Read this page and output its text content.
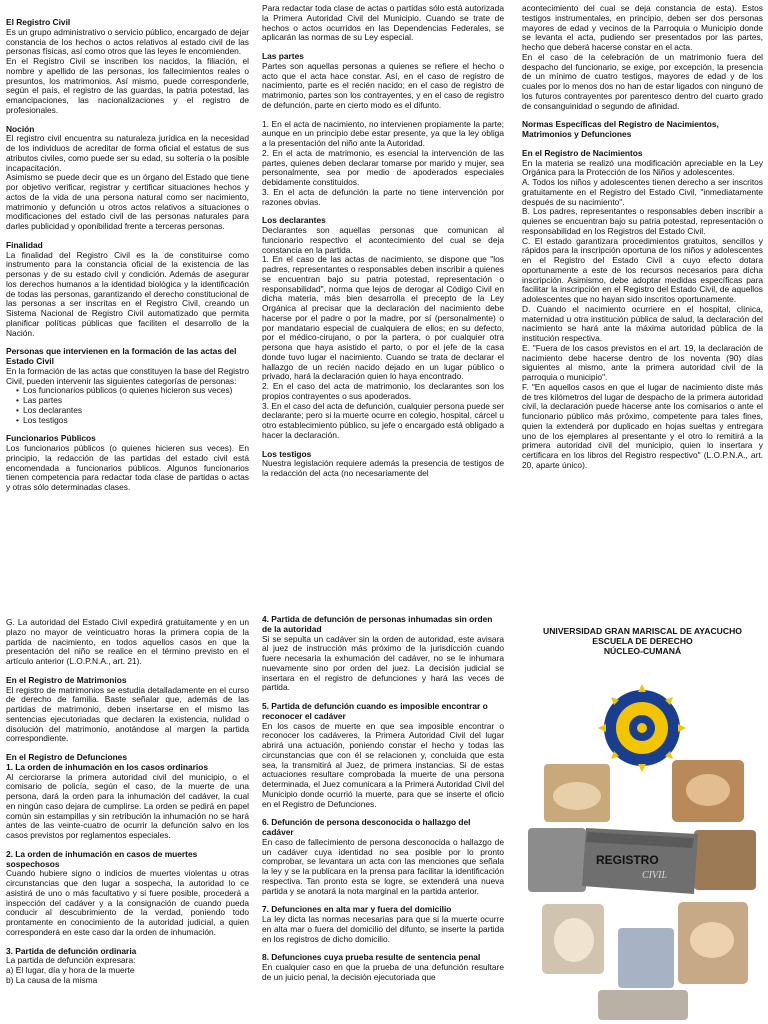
El Registro Civil

Es un grupo administrativo o servicio público, encargado de dejar constancia de los hechos o actos relativos al estado civil de las personas físicas, así como otros que las leyes le encomienden.

En el Registro Civil se inscriben los nacidos, la filiación, el nombre y apellido de las personas, los fallecimientos reales o presuntos, los matrimonios. Así mismo, puede corresponderle, según el país, el registro de las guardas, la patria potestad, las emancipaciones, las nacionalizaciones y el registro de profesionales.

Noción

El registro civil encuentra su naturaleza jurídica en la necesidad de los individuos de acreditar de forma oficial el estatus de sus atributos civiles, como puede ser su edad, su soltería o la posible incapacitación.

Asimismo se puede decir que es un órgano del Estado que tiene por objetivo verificar, registrar y certificar situaciones hechos y actos de la vida de una persona natural como ser nacimiento, matrimonio y defunción u otros actos relativos a situaciones o modificaciones del estado civil de las personas naturales para darles publicidad y oponibilidad frente a terceras personas.

Finalidad

La finalidad del Registro Civil es la de constituirse como instrumento para la constancia oficial de la existencia de las personas y de su estado civil y condición. Además de asegurar los derechos humanos a la identidad biológica y la identificación de todas las personas, garantizando el derecho constitucional de las personas a ser inscritas en el Registro Civil, creando un Sistema Nacional de Registro Civil automatizado que permita planificar políticas públicas que faciliten el desarrollo de la Nación.

Personas que intervienen en la formación de las actas del Estado Civil

En la formación de las actas que constituyen la base del Registro Civil, pueden intervenir las siguientes categorías de personas:

• Los funcionarios públicos (o quienes hicieron sus veces)
• Las partes
• Los declarantes
• Los testigos
Funcionarios Públicos

Los funcionarios públicos (o quienes hicieren sus veces). En principio, la redacción de las partidas del estado civil está encomendada a funcionarios públicos. Algunos funcionarios tienen competencia para redactar toda clase de partidas o actas y otras sólo determinadas clases.

Para redactar toda clase de actas o partidas sólo está autorizada la Primera Autoridad Civil del Municipio. Cuando se trate de hechos o actos ocurridos en las Dependencias Federales, se aplicarán las normas de su Ley especial.

Las partes

Partes son aquellas personas a quienes se refiere el hecho o acto que el acta hace constar. Así, en el caso de registro de nacimiento, parte es el recién nacido; en el caso de registro de matrimonio, partes son los contrayentes, y en el caso de registro de defunción, parte en cierto modo es el difunto.

1. En el acta de nacimiento, no intervienen propiamente la parte; aunque en un principio debe estar presente, ya que la ley obliga a la presentación del niño ante la Autoridad.

2. En el acta de matrimonio, es esencial la intervención de las partes, quienes deben declarar tomarse por marido y mujer, sea personalmente, sea por medio de apoderados especiales debidamente constituidos.

3. En el acta de defunción la parte no tiene intervención por razones obvias.

Los declarantes

Declarantes son aquellas personas que comunican al funcionario respectivo el acontecimiento del cual se deja constancia en la partida.

1. En el caso de las actas de nacimiento, se dispone que "los padres, representantes o responsables deben inscribir a quienes se encuentran bajo su patria potestad, representación o responsabilidad", norma que lejos de derogar al Código Civil en dicha materia, más bien desarrolla el precepto de la Ley Orgánica al precisar que la declaración del nacimiento debe hacerse por el padre o por la madre, por sí (personalmente) o por mandatario especial de cualquiera de ellos; en su defecto, por el médico-cirujano, o por la partera, o por cualquier otra persona que haya asistido el parto, o por el jefe de la casa donde tuvo lugar el nacimiento. Cuando se trata de declarar el hallazgo de un recién nacido dejado en un lugar público o privado, hará la declaración quien lo haya encontrado.

2. En el caso del acta de matrimonio, los declarantes son los propios contrayentes o sus apoderados.

3. En el caso del acta de defunción, cualquier persona puede ser declarante; pero si la muerte ocurre en colegio, hospital, cárcel u otro establecimiento público, su jefe o encargado está obligado a hacer la declaración.

Los testigos

Nuestra legislación requiere además la presencia de testigos de la redacción del acta (no necesariamente del

acontecimiento del cual se deja constancia de esta). Estos testigos instrumentales, en principio, deben ser dos personas mayores de edad y vecinos de la Parroquia o Municipio donde se levanta el acta, pudiendo ser presentados por las partes, hecho que deberá hacerse constar en el acta.

En el caso de la celebración de un matrimonio fuera del despacho del funcionario, se exige, por excepción, la presencia de un mínimo de cuatro testigos, mayores de edad y de los cuales por lo menos dos no han de estar ligados con ninguno de los futuros contrayentes por parentesco dentro del cuarto grado de consanguinidad o segundo de afinidad.

Normas Específicas del Registro de Nacimientos, Matrimonios y Defunciones
En el Registro de Nacimientos

En la materia se realizó una modificación apreciable en la Ley Orgánica para la Protección de los Niños y adolescentes.

A. Todos los niños y adolescentes tienen derecho a ser inscritos gratuitamente en el Registro del Estado Civil, "inmediatamente después de su nacimiento".

B. Los padres, representantes o responsables deben inscribir a quienes se encuentran bajo su patria potestad, representación o responsabilidad en los Registros del Estado Civil.

C. El estado garantizara procedimientos gratuitos, sencillos y rápidos para la inscripción oportuna de los niños y adolescentes en el Registro del Estado Civil a cuyo efecto dotara oportunamente a este de los recursos necesarios para dicha inscripción. Asimismo, debe adoptar medidas específicas para facilitar la inscripción en el Registro del Estado Civil, de aquellos adolescentes que no hayan sido inscritos oportunamente.

D. Cuando el nacimiento ocurriere en el hospital, clínica, maternidad u otra institución pública de salud, la declaración del nacimiento se hará ante la máxima autoridad pública de la institución respectiva.

E. "Fuera de los casos previstos en el art. 19, la declaración de nacimiento debe hacerse dentro de los noventa (90) días siguientes al mismo, ante la primera autoridad civil de la parroquia o municipio".

F. "En aquellos casos en que el lugar de nacimiento diste más de tres kilómetros del lugar de despacho de la primera autoridad civil, la declaración puede hacerse ante los comisarios o ante el funcionario público más próximo, competente para tales fines, quien la extenderá por duplicado en hojas sueltas y entregara uno de los ejemplares al presentante y el otro lo remitirá a la primera autoridad civil del municipio, quien lo insertara y certificara en los libros del Registro respectivo" (L.O.P.N.A., art. 20, aparte único).

G. La autoridad del Estado Civil expedirá gratuitamente y en un plazo no mayor de veinticuatro horas la primera copia de la partida de nacimiento, en todos aquellos casos en que la presentación del niño se realice en el término previsto en el artículo anterior (L.O.P.N.A., art. 21).

En el Registro de Matrimonios

El registro de matrimonios se estudia detalladamente en el curso de derecho de familia. Baste señalar que, además de las partidas de matrimonio, deben insertarse en el mismo las sentencias ejecutoriadas que declaren la existencia, nulidad o disolución del matrimonio, anotándose al margen la partida correspondiente.

En el Registro de Defunciones
1. La orden de inhumación en los casos ordinarios

Al cerciorarse la primera autoridad civil del municipio, o el comisario de policía, según el caso, de la muerte de una persona, dará la orden para la inhumación del cadáver, la cual en ningún caso dejara de cumplirse. La orden se pedirá en papel común sin estampillas y sin retribución la inhumación no se hará antes de las veinte-cuatro de ocurrir la defunción salvo en los casos previstos por reglamentos especiales.

2. La orden de inhumación en casos de muertes sospechosos

Cuando hubiere signo o indicios de muertes violentas u otras circunstancias que den lugar a sospecha, la autoridad lo ce asistirá de uno o más facultativo y si fuere posible, procederá a inspección del cadáver y a la consignación de cuando pueda conducir al descubrimiento de la verdad, poniendo todo prontamente en conocimiento de la autoridad judicial, a quien corresponderá en este caso dar la orden de inhumación.

3. Partida de defunción ordinaria

La partida de defunción expresara:

a) El lugar, día y hora de la muerte

b) La causa de la misma

4. Partida de defunción de personas inhumadas sin orden de la autoridad

Si se sepulta un cadáver sin la orden de autoridad, este avisara al juez de instrucción más próximo de la jurisdicción cuando fuere necesaria la exhumación del cadáver, no se le inhumara nuevamente sino por orden del juez. La decisión judicial se insertara en el registro de defunciones y hará las veces de partida.

5. Partida de defunción cuando es imposible encontrar o reconocer el cadáver

En los casos de muerte en que sea imposible encontrar o reconocer los cadáveres, la Primera Autoridad Civil del lugar abrirá una actuación, poniendo constar el hecho y todas las circunstancias que con él se relacionen y, concluida que esta sea, la transmitirá al Juez, de primera instancias. Si de estas actuaciones resultare comprobada la muerte de una persona determinada, el Juez comunicara a la Primera Autoridad Civil del Municipio donde ocurrió la muerte, para que se inserte el oficio en el Registro de Defunciones.

6. Defunción de persona desconocida o hallazgo del cadáver

En caso de fallecimiento de persona desconocida o hallazgo de un cadáver cuya identidad no sea posible por lo pronto comprobar, se levantara un acta con las menciones que señala la ley y se la publicara en la prensa para facilitar la identificación respectiva. Tan pronto esta se logre, se extenderá una nueva partida y se anotará la nota marginal en la partida anterior.

7. Defunciones en alta mar y fuera del domicilio

La ley dicta las normas necesarias para que si la muerte ocurre en alta mar o fuera del domicilio del difunto, se inserte la partida en los registros de dicho domicilio.

8. Defunciones cuya prueba resulte de sentencia penal

En cualquier caso en que la prueba de una defunción resultare de un juicio penal, la decisión ejecutoriada que

UNIVERSIDAD GRAN MARISCAL DE AYACUCHO
ESCUELA DE DERECHO
NÚCLEO-CUMANÁ
REGISTRO
CIVIL
